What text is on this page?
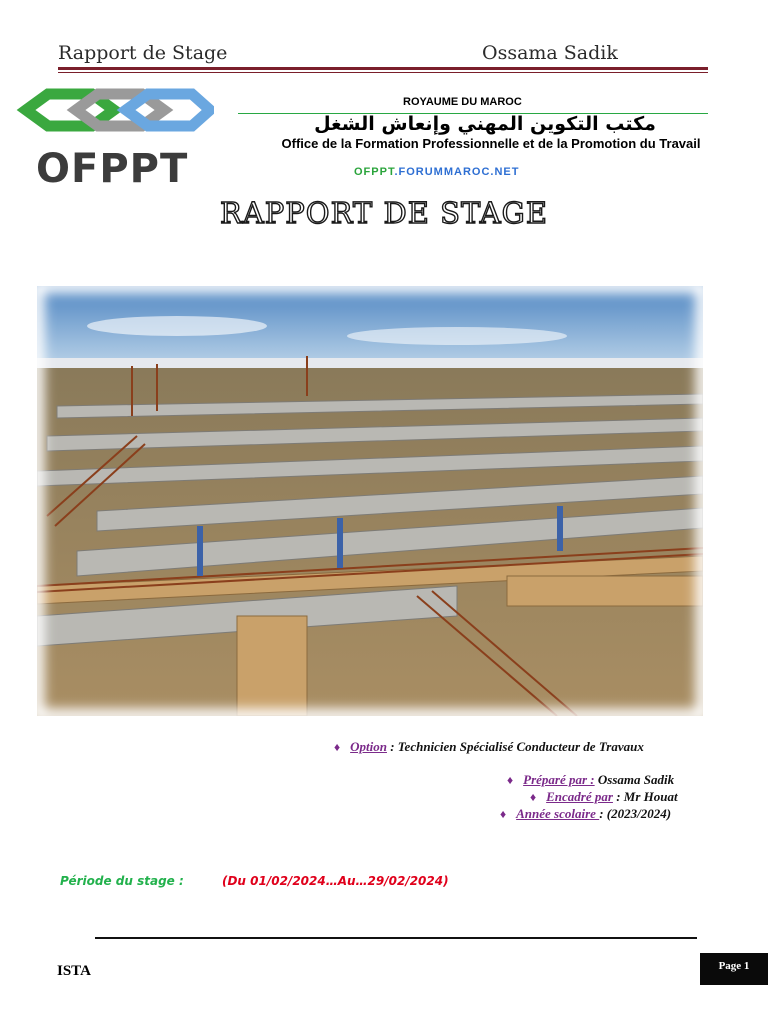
Rapport de Stage	Ossama Sadik
OFPPT
ROYAUME DU MAROC
مكتب التكوين المهني وإنعاش الشغل
Office de la Formation Professionnelle et de la Promotion du Travail
OFPPT.FORUMMAROC.NET
RAPPORT DE STAGE
♦ Option : Technicien Spécialisé Conducteur de Travaux
♦ Préparé par : Ossama Sadik
♦ Encadré par : Mr Houat
♦ Année scolaire : (2023/2024)
Période du stage :	(Du 01/02/2024…Au…29/02/2024)
ISTA	Page 1
